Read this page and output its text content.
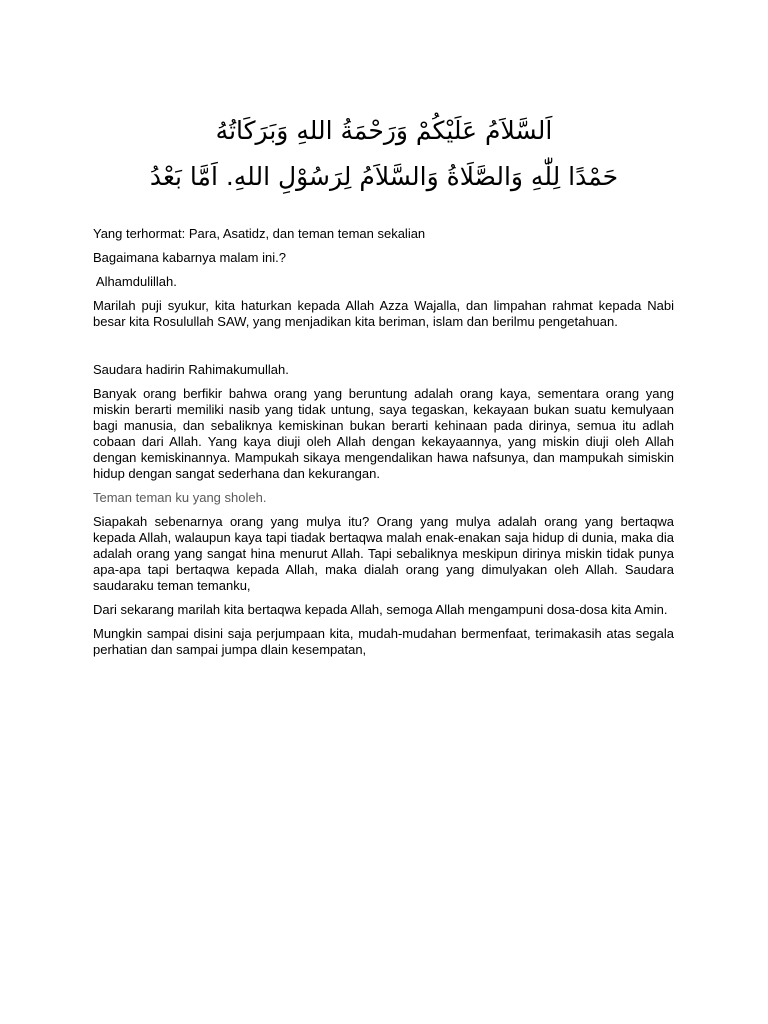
اَلسَّلاَمُ عَلَيْكُمْ وَرَحْمَةُ اللهِ وَبَرَكَاتُهُ
حَمْدًا لِلّٰهِ وَالصَّلَاةُ وَالسَّلاَمُ لِرَسُوْلِ اللهِ. اَمَّا بَعْدُ

Yang terhormat: Para, Asatidz, dan teman teman sekalian

Bagaimana kabarnya malam ini.?

Alhamdulillah.

Marilah puji syukur, kita haturkan kepada Allah Azza Wajalla, dan limpahan rahmat kepada Nabi besar kita Rosulullah SAW, yang menjadikan kita beriman, islam dan berilmu pengetahuan.

Saudara hadirin Rahimakumullah.

Banyak orang berfikir bahwa orang yang beruntung adalah orang kaya, sementara orang yang miskin berarti memiliki nasib yang tidak untung, saya tegaskan, kekayaan bukan suatu kemulyaan bagi manusia, dan sebaliknya kemiskinan bukan berarti kehinaan pada dirinya, semua itu adlah cobaan dari Allah. Yang kaya diuji oleh Allah dengan kekayaannya, yang miskin diuji oleh Allah dengan kemiskinannya. Mampukah sikaya mengendalikan hawa nafsunya, dan mampukah simiskin hidup dengan sangat sederhana dan kekurangan.

Teman teman ku yang sholeh.

Siapakah sebenarnya orang yang mulya itu? Orang yang mulya adalah orang yang bertaqwa kepada Allah, walaupun kaya tapi tiadak bertaqwa malah enak-enakan saja hidup di dunia, maka dia adalah orang yang sangat hina menurut Allah. Tapi sebaliknya meskipun dirinya miskin tidak punya apa-apa tapi bertaqwa kepada Allah, maka dialah orang yang dimulyakan oleh Allah. Saudara saudaraku teman temanku,

Dari sekarang marilah kita bertaqwa kepada Allah, semoga Allah mengampuni dosa-dosa kita Amin.

Mungkin sampai disini saja perjumpaan kita, mudah-mudahan bermenfaat, terimakasih atas segala perhatian dan sampai jumpa dlain kesempatan,
